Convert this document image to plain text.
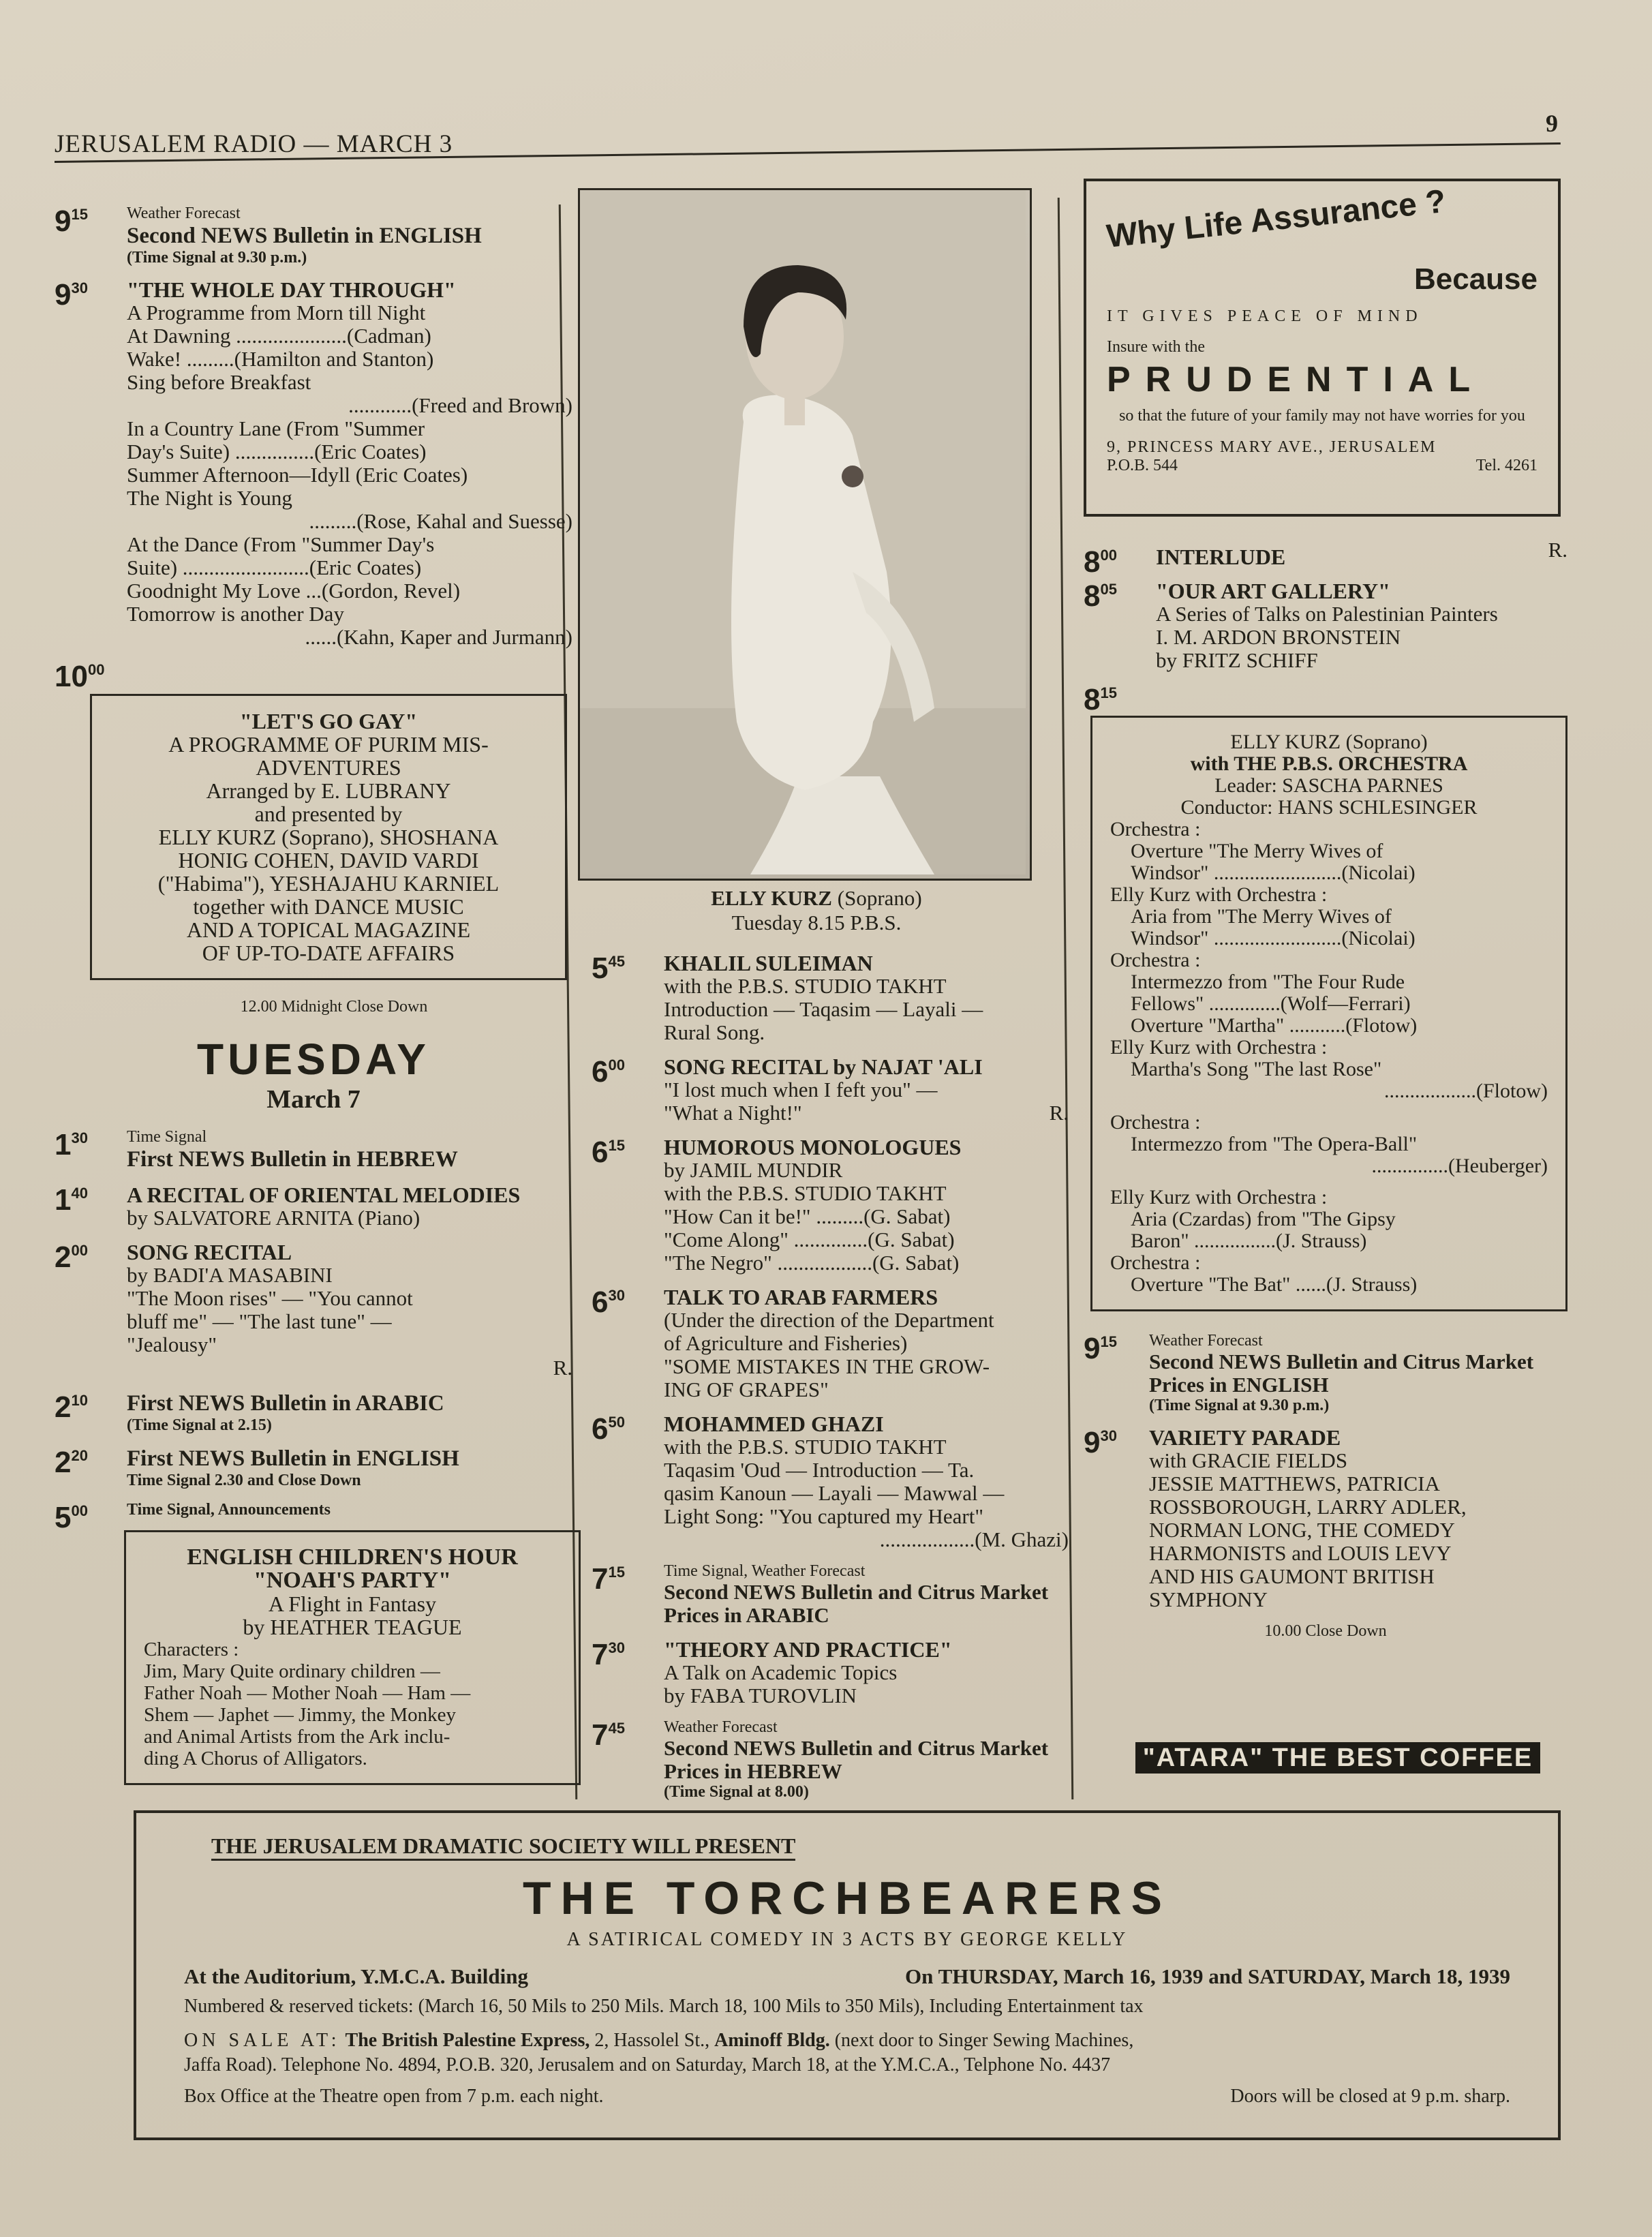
JERUSALEM RADIO — MARCH 3
9
$9^{15}$ Weather Forecast
Second NEWS Bulletin in ENGLISH
(Time Signal at 9.30 p.m.)
$9^{30}$ "THE WHOLE DAY THROUGH"
A Programme from Morn till Night
At Dawning .....................(Cadman)
Wake! .........(Hamilton and Stanton)
Sing before Breakfast
............(Freed and Brown)
In a Country Lane (From "Summer
Day's Suite) ...............(Eric Coates)
Summer Afternoon—Idyll (Eric Coates)
The Night is Young
.........(Rose, Kahal and Suesse)
At the Dance (From "Summer Day's
Suite) ........................(Eric Coates)
Goodnight My Love ...(Gordon, Revel)
Tomorrow is another Day
......(Kahn, Kaper and Jurmann)
$10^{00}$
"LET'S GO GAY"
A PROGRAMME OF PURIM MIS-
ADVENTURES
Arranged by E. LUBRANY
and presented by
ELLY KURZ (Soprano), SHOSHANA
HONIG COHEN, DAVID VARDI
("Habima"), YESHAJAHU KARNIEL
together with DANCE MUSIC
AND A TOPICAL MAGAZINE
OF UP-TO-DATE AFFAIRS
12.00 Midnight Close Down
TUESDAY
March 7
$1^{30}$ Time Signal
First NEWS Bulletin in HEBREW
$1^{40}$ A RECITAL OF ORIENTAL MELODIES
by SALVATORE ARNITA (Piano)
$2^{00}$ SONG RECITAL
by BADI'A MASABINI
"The Moon rises" — "You cannot
bluff me" — "The last tune" —
"Jealousy"
R.
$2^{10}$ First NEWS Bulletin in ARABIC
(Time Signal at 2.15)
$2^{20}$ First NEWS Bulletin in ENGLISH
Time Signal 2.30 and Close Down
$5^{00}$ Time Signal, Announcements
ENGLISH CHILDREN'S HOUR
"NOAH'S PARTY"
A Flight in Fantasy
by HEATHER TEAGUE
Characters :
Jim, Mary Quite ordinary children —
Father Noah — Mother Noah — Ham —
Shem — Japhet — Jimmy, the Monkey
and Animal Artists from the Ark inclu-
ding A Chorus of Alligators.
ELLY KURZ (Soprano)
Tuesday 8.15 P.B.S.
$5^{45}$ KHALIL SULEIMAN
with the P.B.S. STUDIO TAKHT
Introduction — Taqasim — Layali —
Rural Song.
$6^{00}$ SONG RECITAL by NAJAT 'ALI
"I lost much when I feft you" —
"What a Night!"	R.
$6^{15}$ HUMOROUS MONOLOGUES
by JAMIL MUNDIR
with the P.B.S. STUDIO TAKHT
"How Can it be!" .........(G. Sabat)
"Come Along" ..............(G. Sabat)
"The Negro" ..................(G. Sabat)
$6^{30}$ TALK TO ARAB FARMERS
(Under the direction of the Department
of Agriculture and Fisheries)
"SOME MISTAKES IN THE GROW-
ING OF GRAPES"
$6^{50}$ MOHAMMED GHAZI
with the P.B.S. STUDIO TAKHT
Taqasim 'Oud — Introduction — Ta.
qasim Kanoun — Layali — Mawwal —
Light Song: "You captured my Heart"
..................(M. Ghazi)
$7^{15}$ Time Signal, Weather Forecast
Second NEWS Bulletin and Citrus Market Prices in ARABIC
$7^{30}$ "THEORY AND PRACTICE"
A Talk on Academic Topics
by FABA TUROVLIN
$7^{45}$ Weather Forecast
Second NEWS Bulletin and Citrus Market Prices in HEBREW
(Time Signal at 8.00)
Why Life Assurance ?
Because
IT GIVES PEACE OF MIND
Insure with the
PRUDENTIAL
so that the future of your family may not have worries for you
9, PRINCESS MARY AVE., JERUSALEM
P.O.B. 544	Tel. 4261
$8^{00}$ INTERLUDE	R.
$8^{05}$ "OUR ART GALLERY"
A Series of Talks on Palestinian Painters
I. M. ARDON BRONSTEIN
by FRITZ SCHIFF
$8^{15}$
ELLY KURZ (Soprano)
with THE P.B.S. ORCHESTRA
Leader: SASCHA PARNES
Conductor: HANS SCHLESINGER
Orchestra :
Overture "The Merry Wives of
Windsor" .........................(Nicolai)
Elly Kurz with Orchestra :
Aria from "The Merry Wives of
Windsor" .........................(Nicolai)
Orchestra :
Intermezzo from "The Four Rude
Fellows" ..............(Wolf—Ferrari)
Overture "Martha" ...........(Flotow)
Elly Kurz with Orchestra :
Martha's Song "The last Rose"
..................(Flotow)
Orchestra :
Intermezzo from "The Opera-Ball"
...............(Heuberger)
Elly Kurz with Orchestra :
Aria (Czardas) from "The Gipsy
Baron" ................(J. Strauss)
Orchestra :
Overture "The Bat" ......(J. Strauss)
$9^{15}$ Weather Forecast
Second NEWS Bulletin and Citrus Market Prices in ENGLISH
(Time Signal at 9.30 p.m.)
$9^{30}$ VARIETY PARADE
with GRACIE FIELDS
JESSIE MATTHEWS, PATRICIA
ROSSBOROUGH, LARRY ADLER,
NORMAN LONG, THE COMEDY
HARMONISTS and LOUIS LEVY
AND HIS GAUMONT BRITISH
SYMPHONY
10.00 Close Down
"ATARA" THE BEST COFFEE
THE JERUSALEM DRAMATIC SOCIETY WILL PRESENT
THE TORCHBEARERS
A SATIRICAL COMEDY IN 3 ACTS BY GEORGE KELLY
At the Auditorium, Y.M.C.A. Building	On THURSDAY, March 16, 1939 and SATURDAY, March 18, 1939
Numbered & reserved tickets: (March 16, 50 Mils to 250 Mils. March 18, 100 Mils to 350 Mils), Including Entertainment tax
ON SALE AT: The British Palestine Express, 2, Hassolel St., Aminoff Bldg. (next door to Singer Sewing Machines,
Jaffa Road). Telephone No. 4894, P.O.B. 320, Jerusalem and on Saturday, March 18, at the Y.M.C.A., Telphone No. 4437
Box Office at the Theatre open from 7 p.m. each night.	Doors will be closed at 9 p.m. sharp.
